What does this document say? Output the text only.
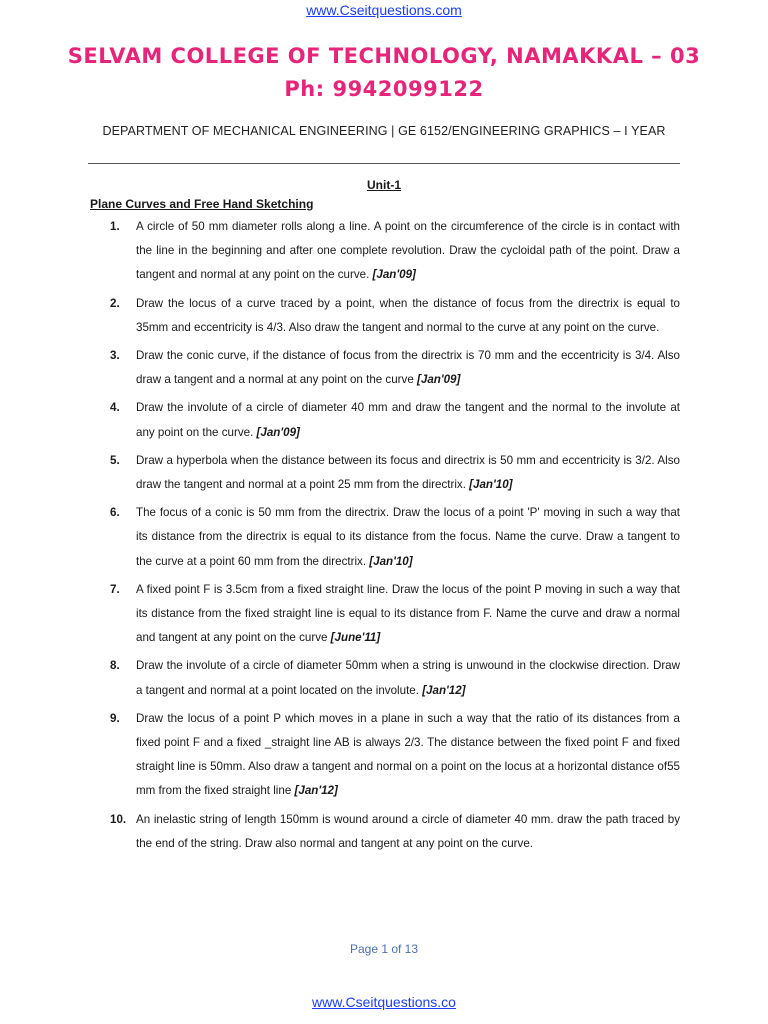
www.Cseitquestions.com
SELVAM COLLEGE OF TECHNOLOGY, NAMAKKAL – 03
Ph: 9942099122
DEPARTMENT OF MECHANICAL ENGINEERING | GE 6152/ENGINEERING GRAPHICS – I YEAR
Unit-1
Plane Curves and Free Hand Sketching
1. A circle of 50 mm diameter rolls along a line. A point on the circumference of the circle is in contact with the line in the beginning and after one complete revolution. Draw the cycloidal path of the point. Draw a tangent and normal at any point on the curve. [Jan'09]
2. Draw the locus of a curve traced by a point, when the distance of focus from the directrix is equal to 35mm and eccentricity is 4/3. Also draw the tangent and normal to the curve at any point on the curve.
3. Draw the conic curve, if the distance of focus from the directrix is 70 mm and the eccentricity is 3/4. Also draw a tangent and a normal at any point on the curve [Jan'09]
4. Draw the involute of a circle of diameter 40 mm and draw the tangent and the normal to the involute at any point on the curve. [Jan'09]
5. Draw a hyperbola when the distance between its focus and directrix is 50 mm and eccentricity is 3/2. Also draw the tangent and normal at a point 25 mm from the directrix. [Jan'10]
6. The focus of a conic is 50 mm from the directrix. Draw the locus of a point 'P' moving in such a way that its distance from the directrix is equal to its distance from the focus. Name the curve. Draw a tangent to the curve at a point 60 mm from the directrix. [Jan'10]
7. A fixed point F is 3.5cm from a fixed straight line. Draw the locus of the point P moving in such a way that its distance from the fixed straight line is equal to its distance from F. Name the curve and draw a normal and tangent at any point on the curve [June'11]
8. Draw the involute of a circle of diameter 50mm when a string is unwound in the clockwise direction. Draw a tangent and normal at a point located on the involute. [Jan'12]
9. Draw the locus of a point P which moves in a plane in such a way that the ratio of its distances from a fixed point F and a fixed _straight line AB is always 2/3. The distance between the fixed point F and fixed straight line is 50mm. Also draw a tangent and normal on a point on the locus at a horizontal distance of55 mm from the fixed straight line [Jan'12]
10. An inelastic string of length 150mm is wound around a circle of diameter 40 mm. draw the path traced by the end of the string. Draw also normal and tangent at any point on the curve.
Page 1 of 13
www.Cseitquestions.co
